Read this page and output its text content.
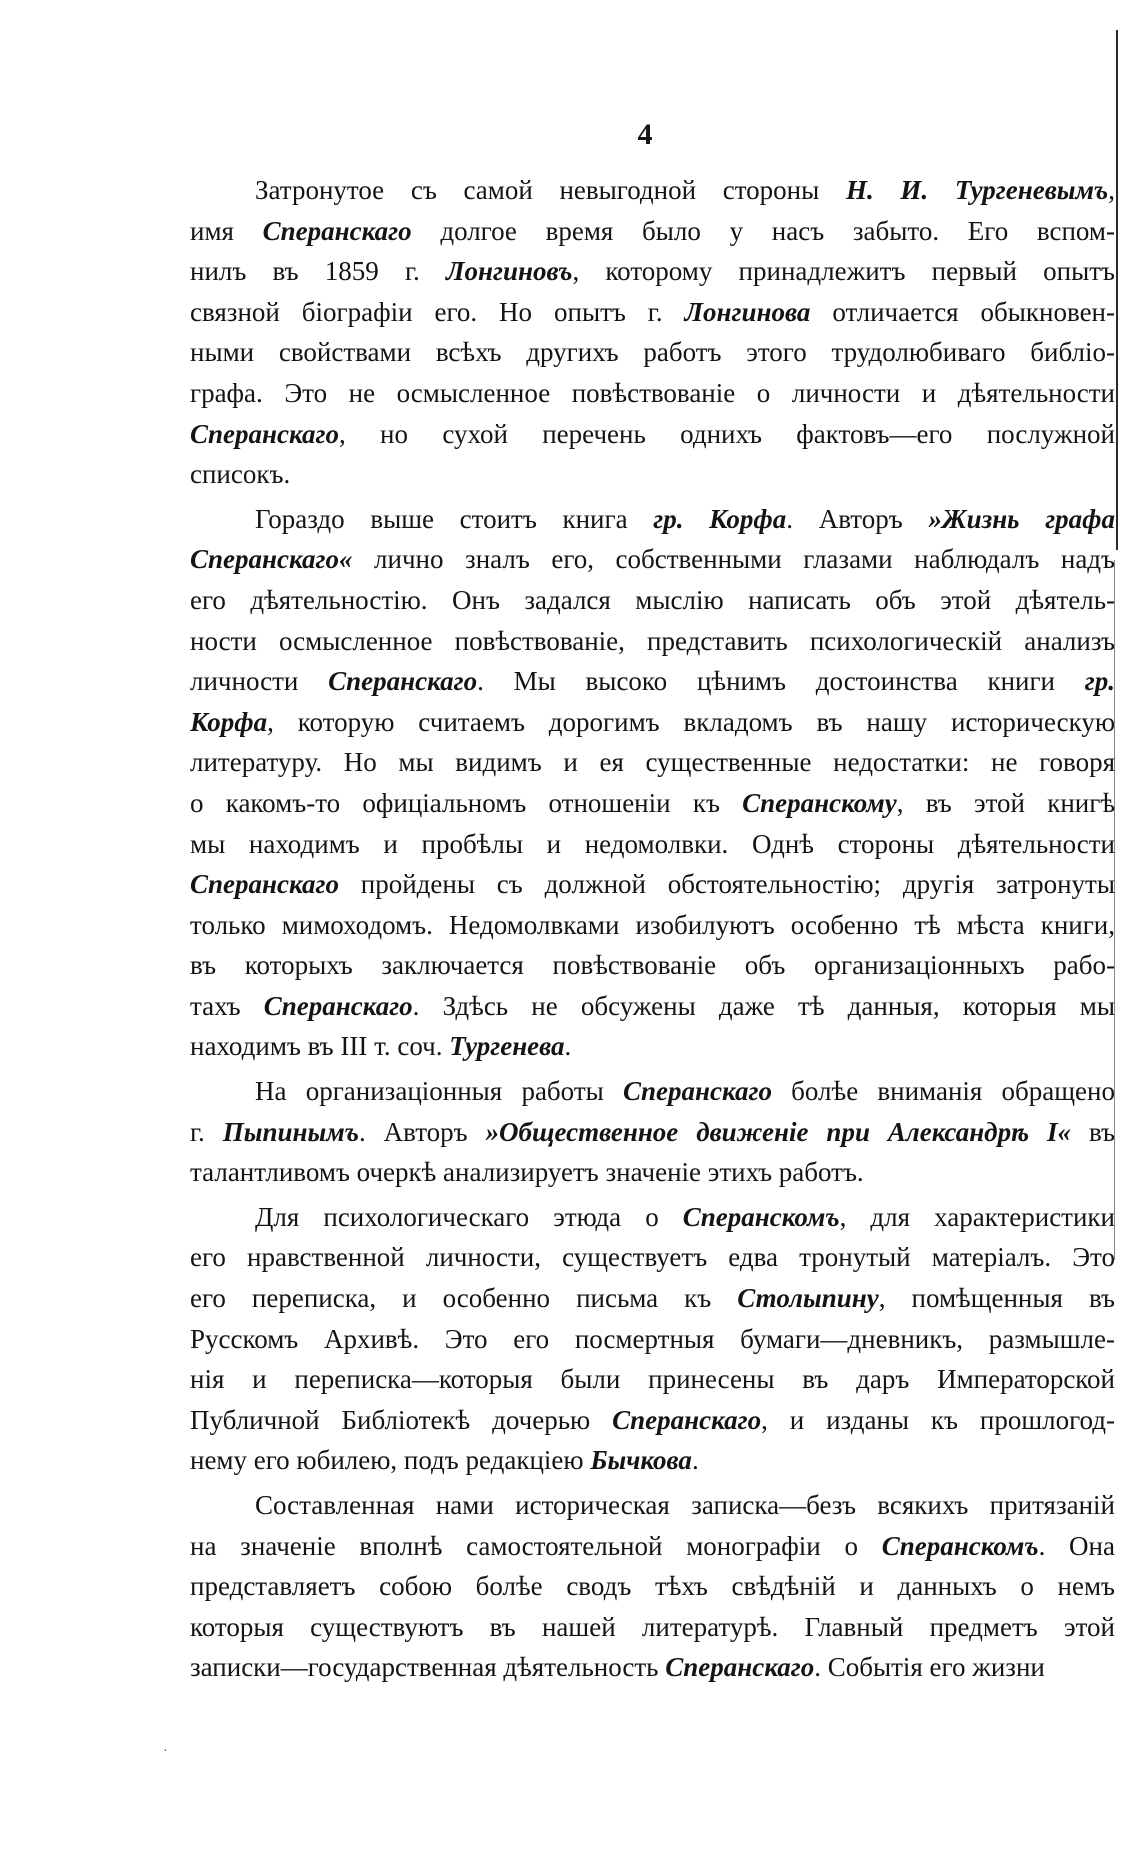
4
Затронутое съ самой невыгодной стороны Н. И. Тургеневымъ,
имя Сперанскаго долгое время было у насъ забыто. Его вспом-
нилъ въ 1859 г. Лонгиновъ, которому принадлежитъ первый опытъ
связной біографіи его. Но опытъ г. Лонгинова отличается обыкновен-
ными свойствами всѣхъ другихъ работъ этого трудолюбиваго библіо-
графа. Это не осмысленное повѣствованіе о личности и дѣятельности
Сперанскаго, но сухой перечень однихъ фактовъ—его послужной
списокъ.
Гораздо выше стоитъ книга гр. Корфа. Авторъ »Жизнь графа
Сперанскаго« лично зналъ его, собственными глазами наблюдалъ надъ
его дѣятельностію. Онъ задался мыслію написать объ этой дѣятель-
ности осмысленное повѣствованіе, представить психологическій анализъ
личности Сперанскаго. Мы высоко цѣнимъ достоинства книги гр.
Корфа, которую считаемъ дорогимъ вкладомъ въ нашу историческую
литературу. Но мы видимъ и ея существенные недостатки: не говоря
о какомъ-то офиціальномъ отношеніи къ Сперанскому, въ этой книгѣ
мы находимъ и пробѣлы и недомолвки. Однѣ стороны дѣятельности
Сперанскаго пройдены съ должной обстоятельностію; другія затронуты
только мимоходомъ. Недомолвками изобилуютъ особенно тѣ мѣста книги,
въ которыхъ заключается повѣствованіе объ организаціонныхъ рабо-
тахъ Сперанскаго. Здѣсь не обсужены даже тѣ данныя, которыя мы
находимъ въ III т. соч. Тургенева.
На организаціонныя работы Сперанскаго болѣе вниманія обращено
г. Пыпинымъ. Авторъ »Общественное движеніе при Александрѣ I« въ
талантливомъ очеркѣ анализируетъ значеніе этихъ работъ.
Для психологическаго этюда о Сперанскомъ, для характеристики
его нравственной личности, существуетъ едва тронутый матеріалъ. Это
его переписка, и особенно письма къ Столыпину, помѣщенныя въ
Русскомъ Архивѣ. Это его посмертныя бумаги—дневникъ, размышле-
нія и переписка—которыя были принесены въ даръ Императорской
Публичной Библіотекѣ дочерью Сперанскаго, и изданы къ прошлогод-
нему его юбилею, подъ редакціею Бычкова.
Составленная нами историческая записка—безъ всякихъ притязаній
на значеніе вполнѣ самостоятельной монографіи о Сперанскомъ. Она
представляетъ собою болѣе сводъ тѣхъ свѣдѣній и данныхъ о немъ
которыя существуютъ въ нашей литературѣ. Главный предметъ этой
записки—государственная дѣятельность Сперанскаго. Событія его жизни
·
